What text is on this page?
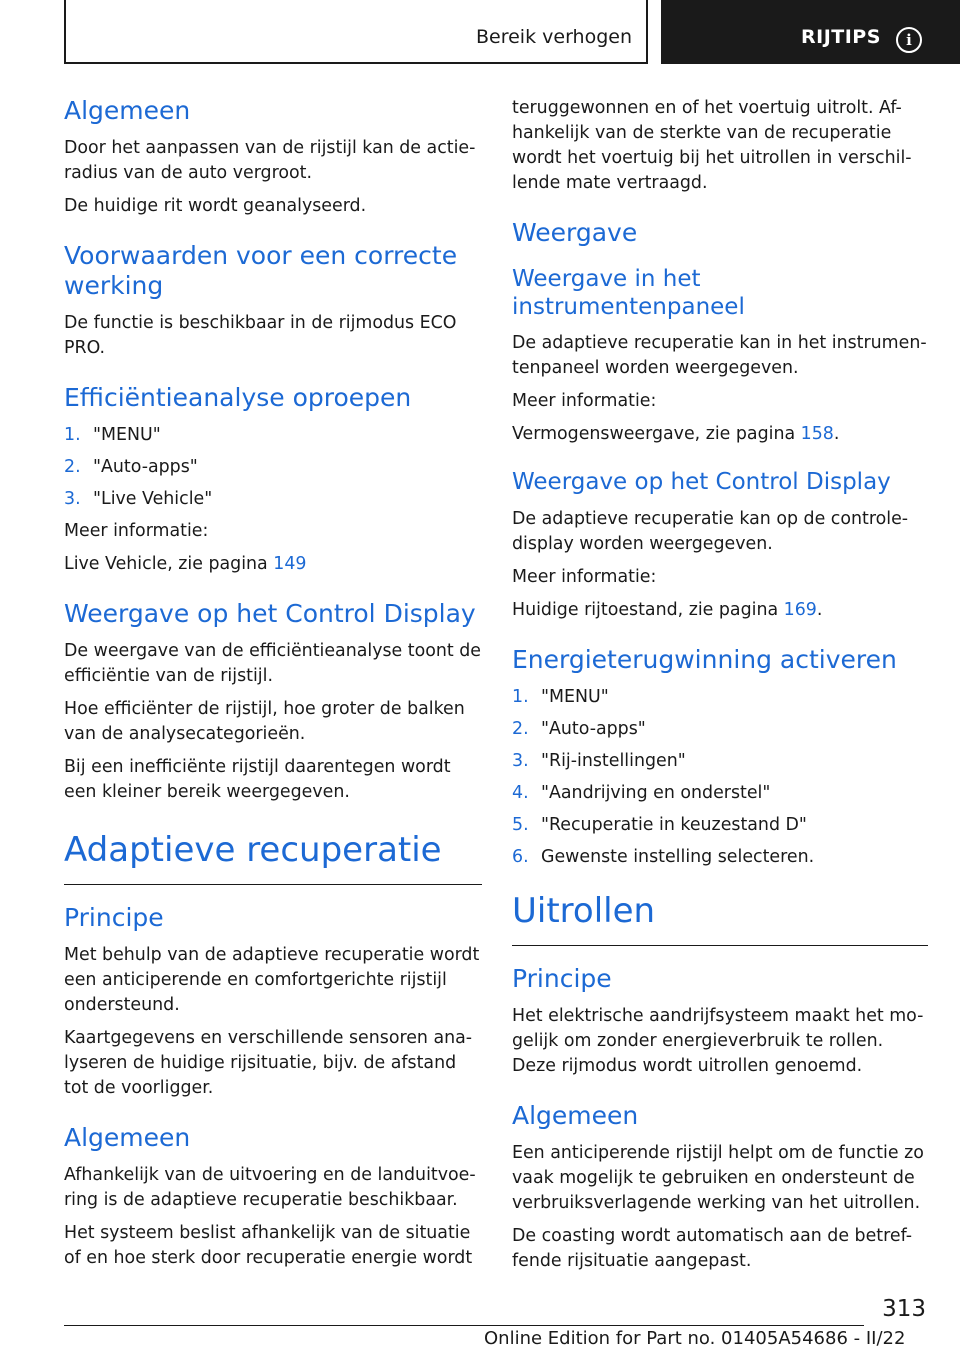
Bereik verhogen	RIJTIPS	i
Algemeen

Door het aanpassen van de rijstijl kan de actie-radius van de auto vergroot.

De huidige rit wordt geanalyseerd.

Voorwaarden voor een correcte werking

De functie is beschikbaar in de rijmodus ECO PRO.

Efficiëntieanalyse oproepen
1. "MENU"
2. "Auto-apps"
3. "Live Vehicle"

Meer informatie:

Live Vehicle, zie pagina 149

Weergave op het Control Display

De weergave van de efficiëntieanalyse toont de efficiëntie van de rijstijl.

Hoe efficiënter de rijstijl, hoe groter de balken van de analysecategorieën.

Bij een inefficiënte rijstijl daarentegen wordt een kleiner bereik weergegeven.

Adaptieve recuperatie
Principe

Met behulp van de adaptieve recuperatie wordt een anticiperende en comfortgerichte rijstijl ondersteund.

Kaartgegevens en verschillende sensoren ana-lyseren de huidige rijsituatie, bijv. de afstand tot de voorligger.

Algemeen

Afhankelijk van de uitvoering en de landuitvoe-ring is de adaptieve recuperatie beschikbaar.

Het systeem beslist afhankelijk van de situatie of en hoe sterk door recuperatie energie wordt

teruggewonnen en of het voertuig uitrolt. Af-hankelijk van de sterkte van de recuperatie wordt het voertuig bij het uitrollen in verschil-lende mate vertraagd.

Weergave
Weergave in het instrumentenpaneel

De adaptieve recuperatie kan in het instrumen-tenpaneel worden weergegeven.

Meer informatie:

Vermogensweergave, zie pagina 158.

Weergave op het Control Display

De adaptieve recuperatie kan op de controle-display worden weergegeven.

Meer informatie:

Huidige rijtoestand, zie pagina 169.

Energieterugwinning activeren
1. "MENU"
2. "Auto-apps"
3. "Rij-instellingen"
4. "Aandrijving en onderstel"
5. "Recuperatie in keuzestand D"
6. Gewenste instelling selecteren.
Uitrollen
Principe

Het elektrische aandrijfsysteem maakt het mo-gelijk om zonder energieverbruik te rollen. Deze rijmodus wordt uitrollen genoemd.

Algemeen

Een anticiperende rijstijl helpt om de functie zo vaak mogelijk te gebruiken en ondersteunt de verbruiksverlagende werking van het uitrollen.

De coasting wordt automatisch aan de betref-fende rijsituatie aangepast.

313
Online Edition for Part no. 01405A54686 - II/22
